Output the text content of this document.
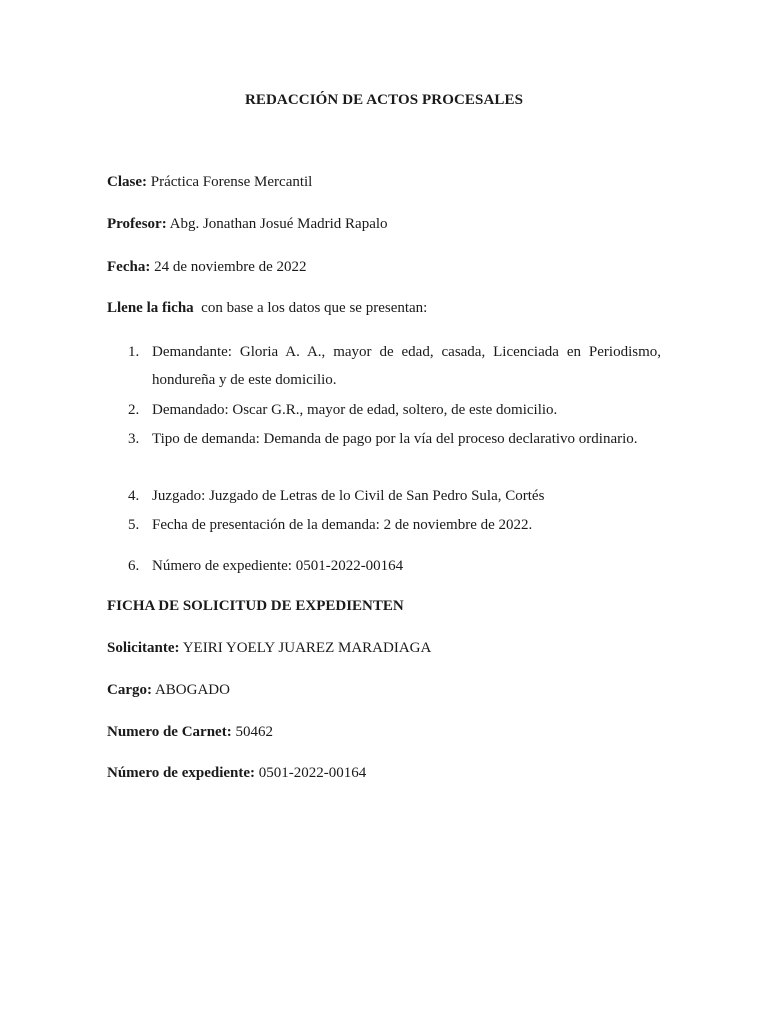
REDACCIÓN DE ACTOS PROCESALES
Clase: Práctica Forense Mercantil
Profesor: Abg. Jonathan Josué Madrid Rapalo
Fecha: 24 de noviembre de 2022
Llene la ficha con base a los datos que se presentan:
1. Demandante: Gloria A. A., mayor de edad, casada, Licenciada en Periodismo, hondureña y de este domicilio.
2. Demandado: Oscar G.R., mayor de edad, soltero, de este domicilio.
3. Tipo de demanda: Demanda de pago por la vía del proceso declarativo ordinario.
4. Juzgado: Juzgado de Letras de lo Civil de San Pedro Sula, Cortés
5. Fecha de presentación de la demanda: 2 de noviembre de 2022.
6. Número de expediente: 0501-2022-00164
FICHA DE SOLICITUD DE EXPEDIENTEN
Solicitante: YEIRI YOELY JUAREZ MARADIAGA
Cargo: ABOGADO
Numero de Carnet: 50462
Número de expediente: 0501-2022-00164
